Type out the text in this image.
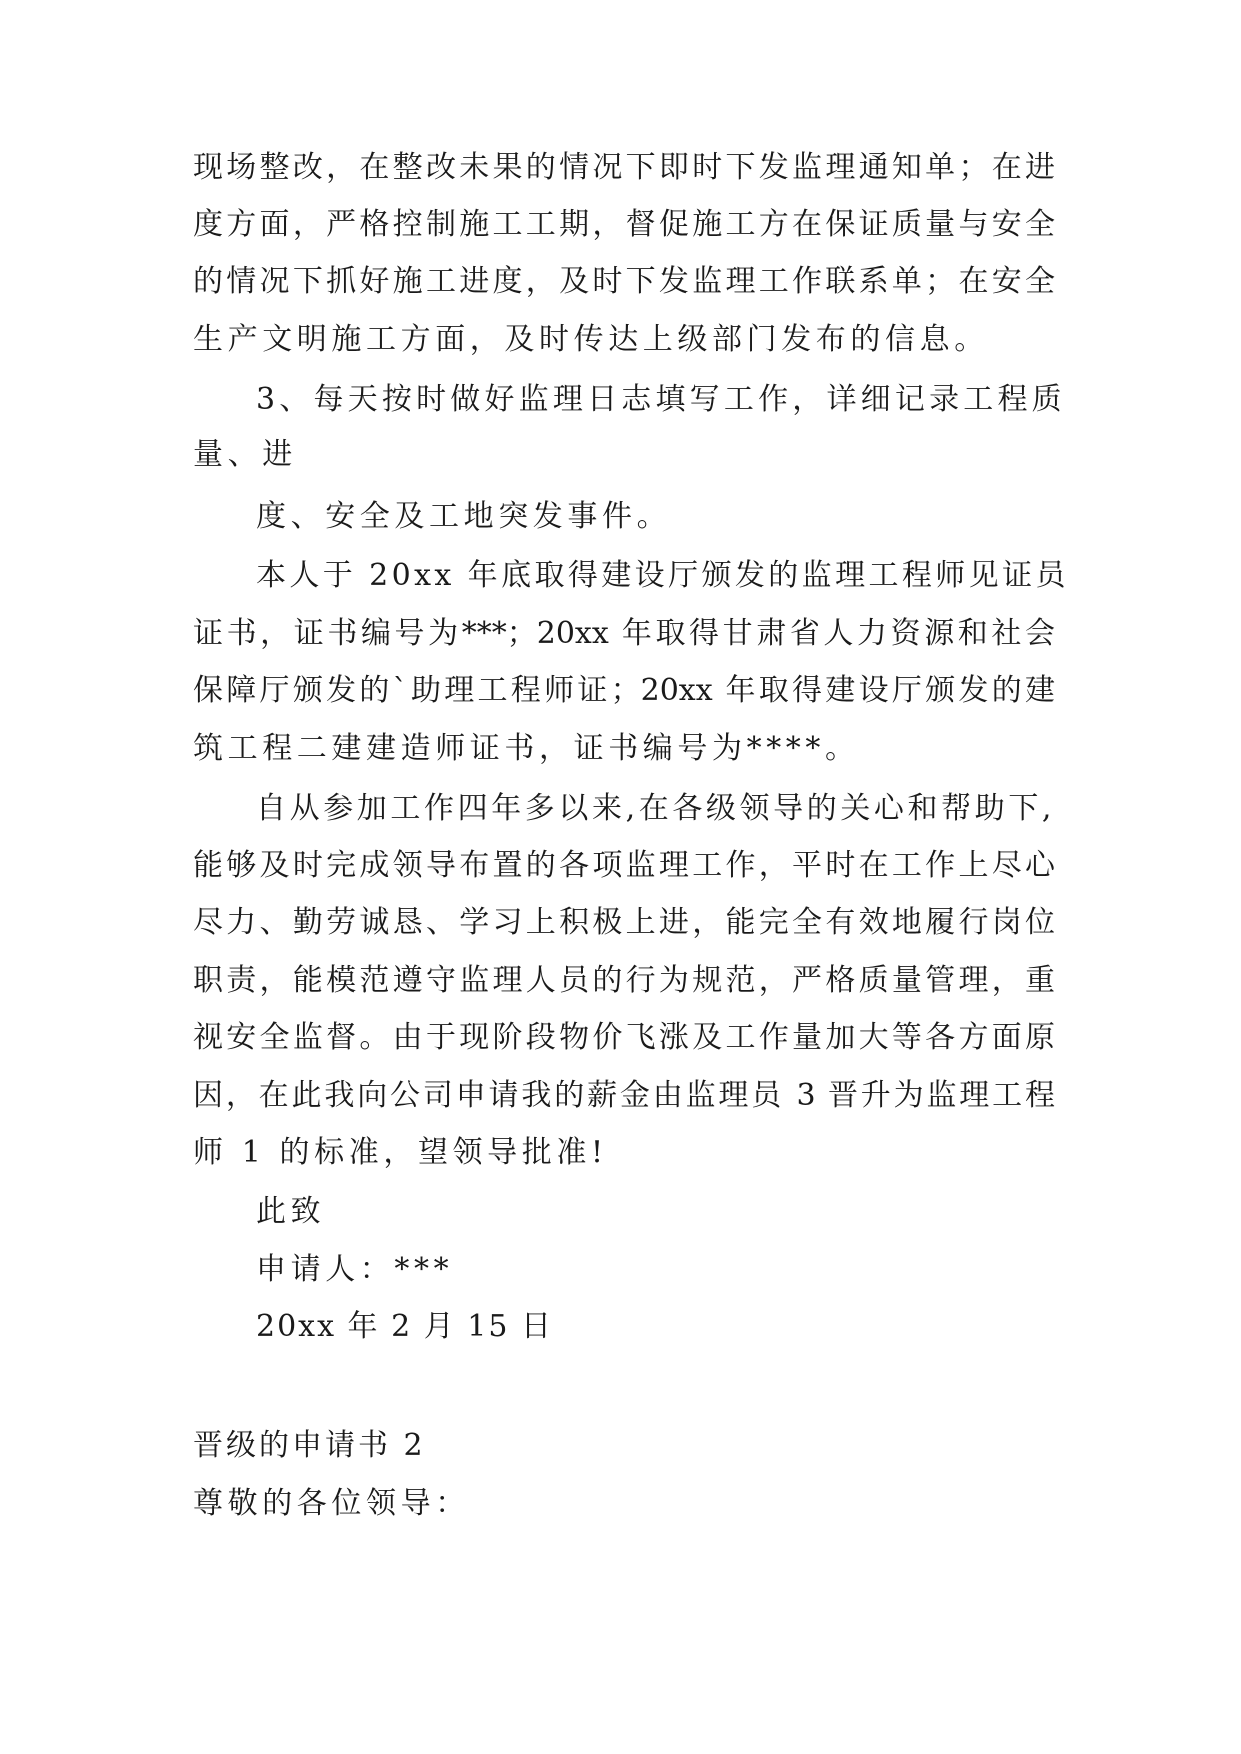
现场整改，在整改未果的情况下即时下发监理通知单；在进
度方面，严格控制施工工期，督促施工方在保证质量与安全
的情况下抓好施工进度，及时下发监理工作联系单；在安全
生产文明施工方面，及时传达上级部门发布的信息。
3、每天按时做好监理日志填写工作，详细记录工程质
量、进
度、安全及工地突发事件。
本人于 20xx 年底取得建设厅颁发的监理工程师见证员
证书，证书编号为***；20xx 年取得甘肃省人力资源和社会
保障厅颁发的`助理工程师证；20xx 年取得建设厅颁发的建
筑工程二建建造师证书，证书编号为****。
自从参加工作四年多以来,在各级领导的关心和帮助下,
能够及时完成领导布置的各项监理工作，平时在工作上尽心
尽力、勤劳诚恳、学习上积极上进，能完全有效地履行岗位
职责，能模范遵守监理人员的行为规范，严格质量管理，重
视安全监督。由于现阶段物价飞涨及工作量加大等各方面原
因，在此我向公司申请我的薪金由监理员 3 晋升为监理工程
师 1 的标准，望领导批准!
此致
申请人：***
20xx 年 2 月 15 日
晋级的申请书 2
尊敬的各位领导：
